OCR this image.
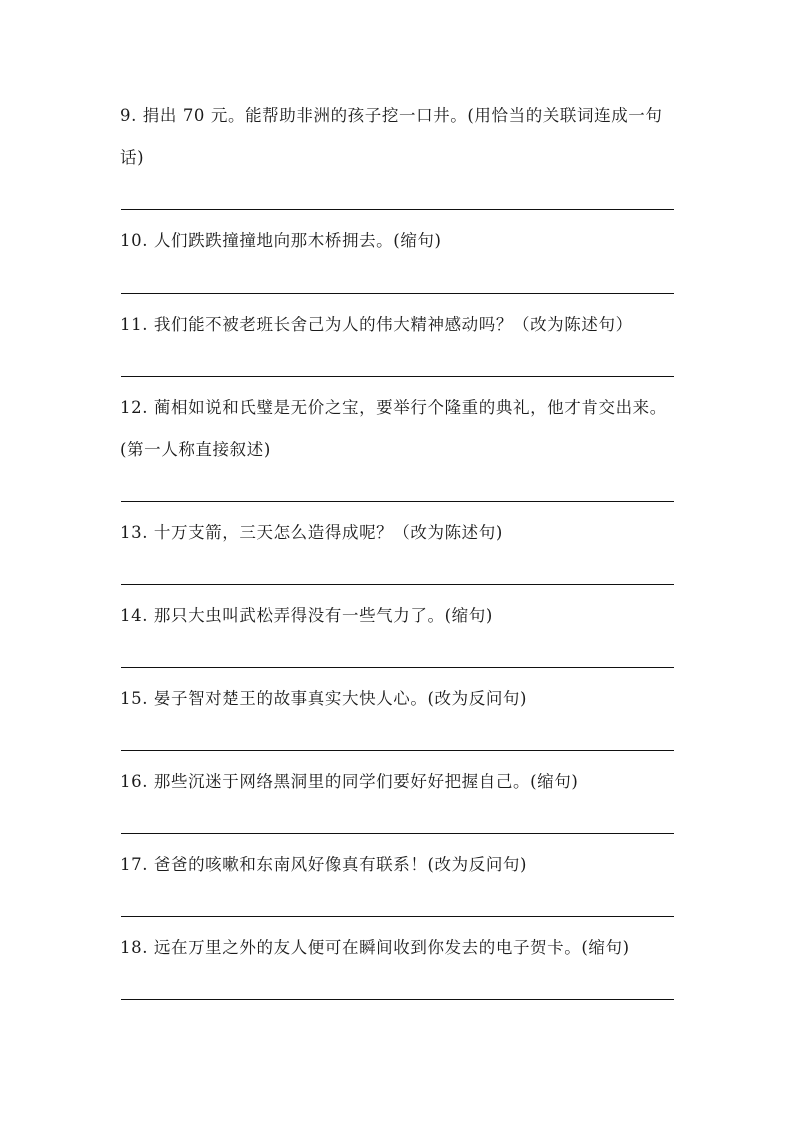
9. 捐出 70 元。能帮助非洲的孩子挖一口井。(用恰当的关联词连成一句话)
10. 人们跌跌撞撞地向那木桥拥去。(缩句)
11. 我们能不被老班长舍己为人的伟大精神感动吗？（改为陈述句）
12. 蔺相如说和氏璧是无价之宝，要举行个隆重的典礼，他才肯交出来。(第一人称直接叙述)
13. 十万支箭，三天怎么造得成呢？（改为陈述句)
14. 那只大虫叫武松弄得没有一些气力了。(缩句)
15. 晏子智对楚王的故事真实大快人心。(改为反问句)
16. 那些沉迷于网络黑洞里的同学们要好好把握自己。(缩句)
17. 爸爸的咳嗽和东南风好像真有联系！(改为反问句)
18. 远在万里之外的友人便可在瞬间收到你发去的电子贺卡。(缩句)
